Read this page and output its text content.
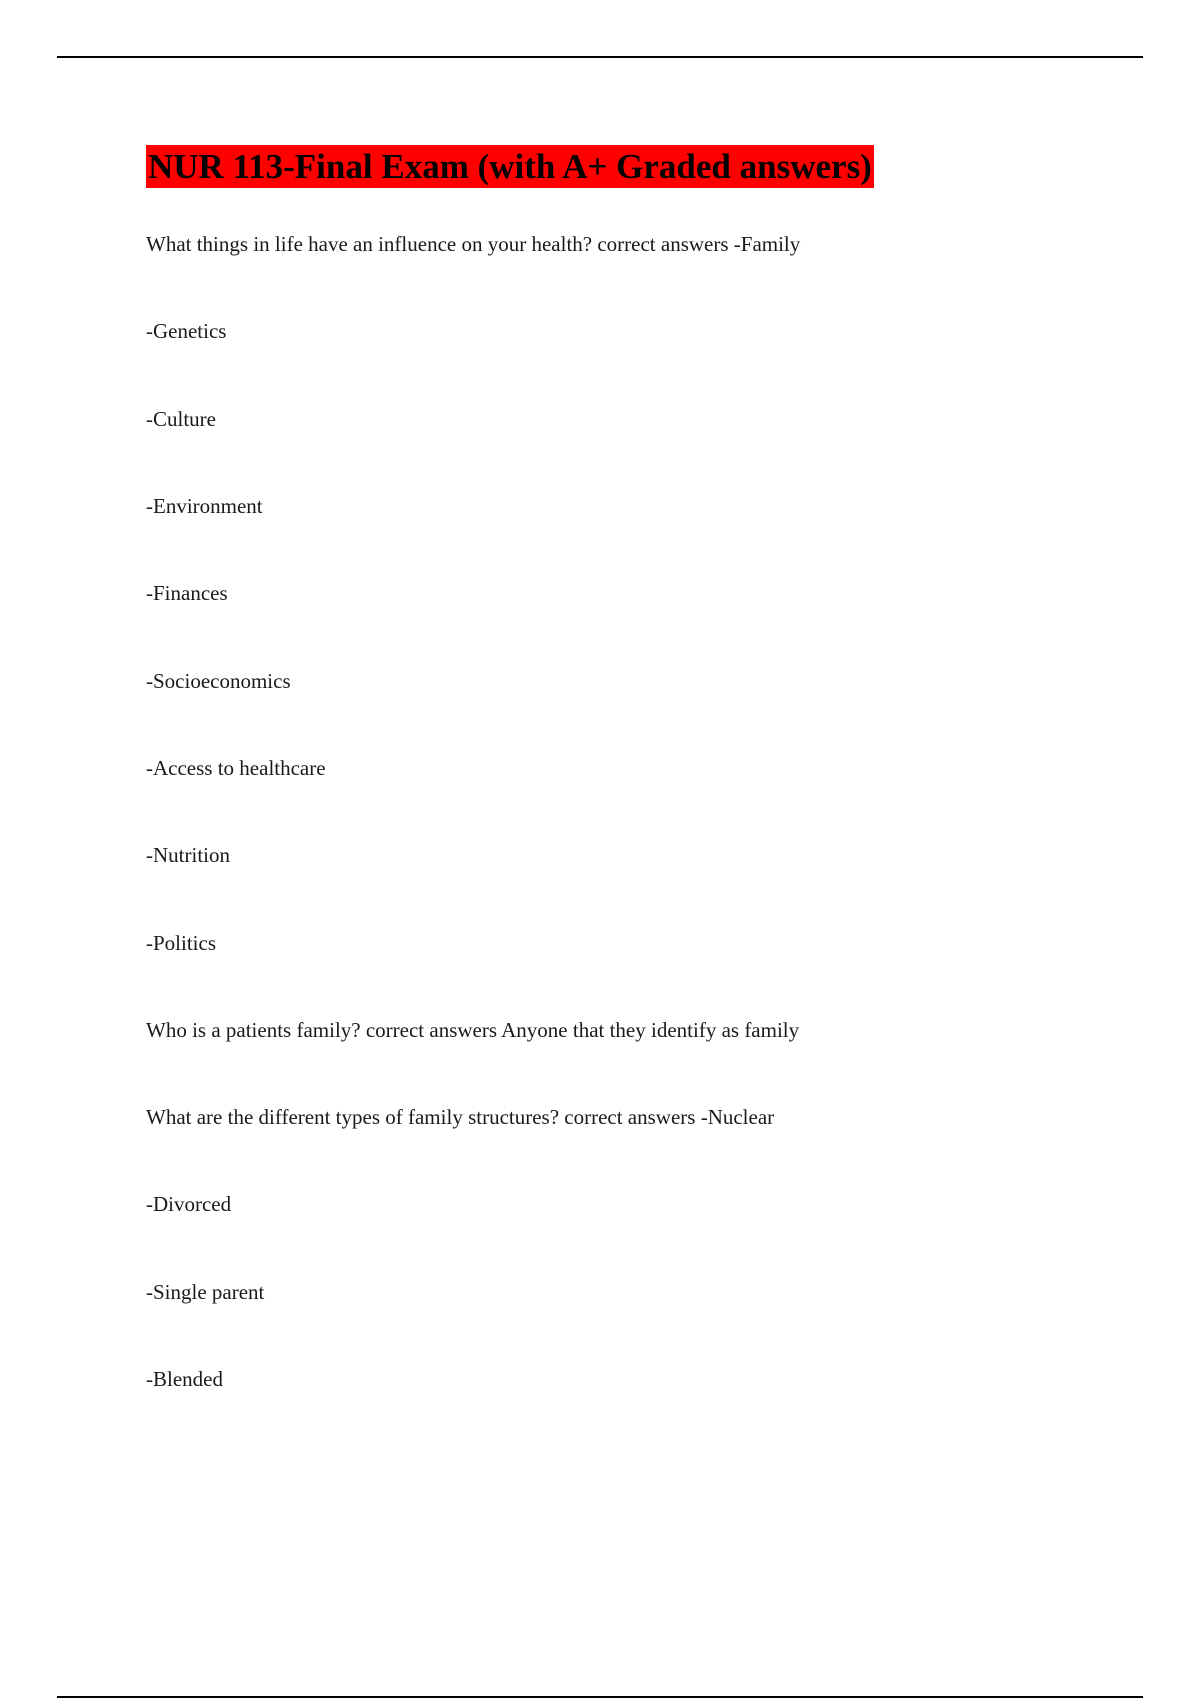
NUR 113-Final Exam (with A+ Graded answers)
What things in life have an influence on your health? correct answers -Family
-Genetics
-Culture
-Environment
-Finances
-Socioeconomics
-Access to healthcare
-Nutrition
-Politics
Who is a patients family? correct answers Anyone that they identify as family
What are the different types of family structures? correct answers -Nuclear
-Divorced
-Single parent
-Blended
